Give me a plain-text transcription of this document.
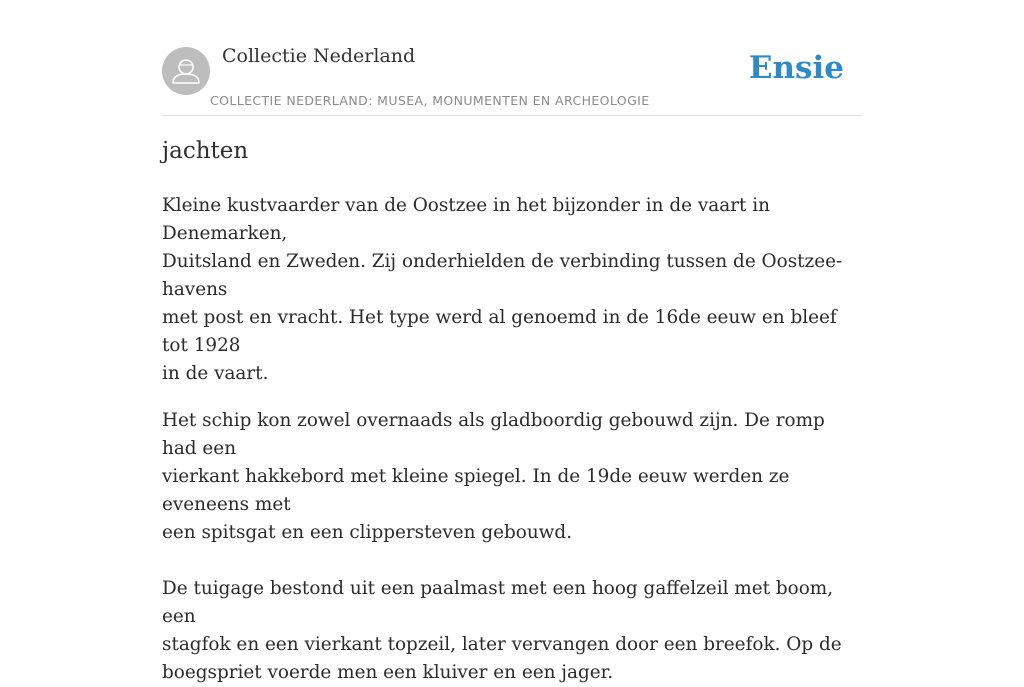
Collectie Nederland
COLLECTIE NEDERLAND: MUSEA, MONUMENTEN EN ARCHEOLOGIE
Ensie
jachten

Kleine kustvaarder van de Oostzee in het bijzonder in de vaart in Denemarken,
Duitsland en Zweden. Zij onderhielden de verbinding tussen de Oostzee-havens
met post en vracht. Het type werd al genoemd in de 16de eeuw en bleef tot 1928
in de vaart.

Het schip kon zowel overnaads als gladboordig gebouwd zijn. De romp had een
vierkant hakkebord met kleine spiegel. In de 19de eeuw werden ze eveneens met
een spitsgat en een clippersteven gebouwd.

De tuigage bestond uit een paalmast met een hoog gaffelzeil met boom, een
stagfok en een vierkant topzeil, later vervangen door een breefok. Op de
boegspriet voerde men een kluiver en een jager.
